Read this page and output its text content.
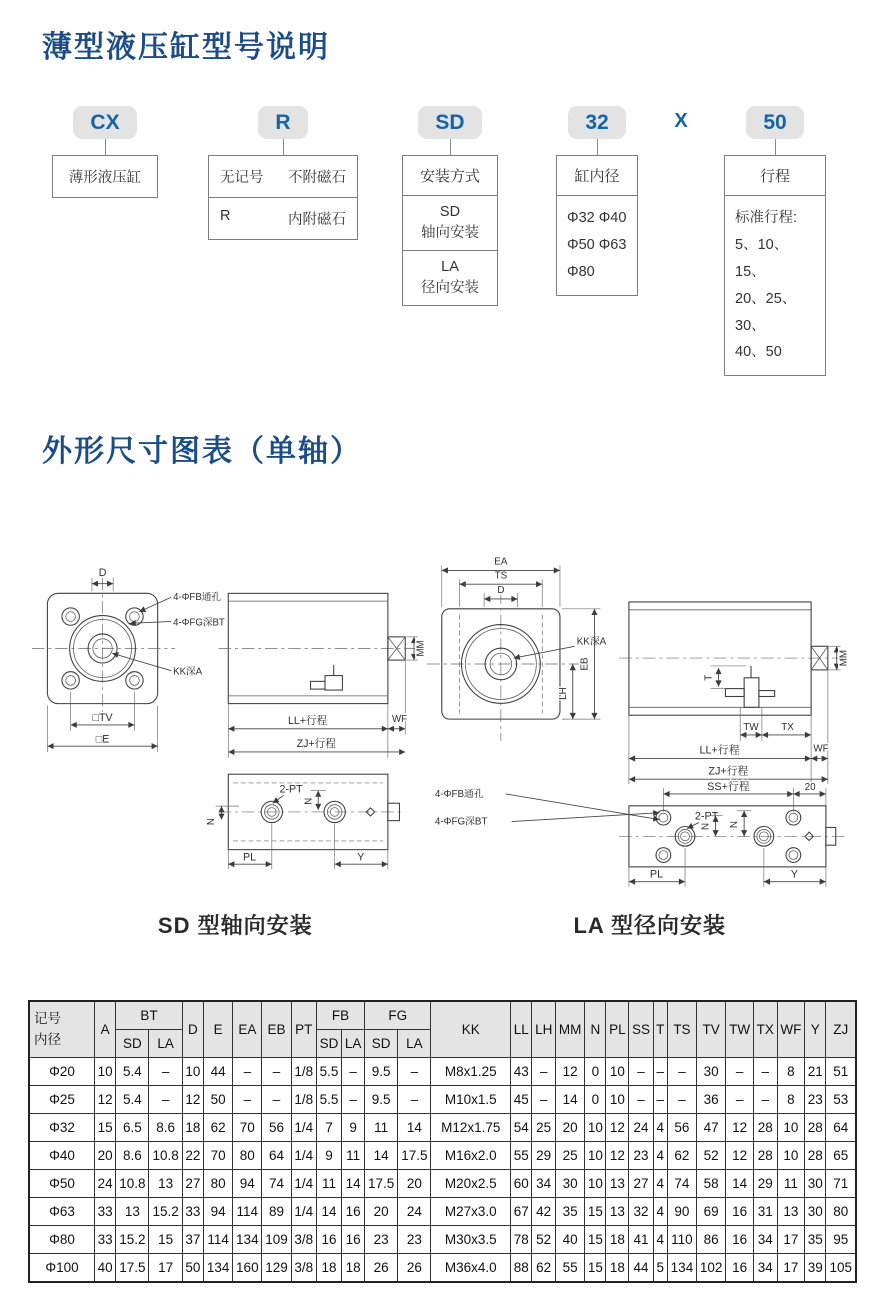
薄型液压缸型号说明
CX
薄形液压缸
R
无记号 不附磁石
R	内附磁石
SD
安装方式
SD
轴向安装
LA
径向安装
32
缸内径
Φ32 Φ40
Φ50 Φ63
Φ80
X	50
行程
标准行程:
5、10、15、
20、25、30、
40、50
外形尺寸图表（单轴）
D
4-ΦFB通孔
4-ΦFG深BT
KK深A
□TV
□E
MM
LL+行程	WF
ZJ+行程
2-PT
N
N
PL	Y
D
TS
EA
KK深A
EB
LH
MM
T
TW TX
LL+行程	WF
ZJ+行程
SS+行程	20
4-ΦFB通孔
4-ΦFG深BT	2-PT
N N
PL	Y
SD 型轴向安装	LA 型径向安装
记号
内径	A	BT		D	E	EA	EB	PT	FB		FG		KK	LL	LH	MM	N	PL	SS	T	TS	TV	TW	TX	WF	Y	ZJ
		SD	LA						SD	LA	SD	LA															
Φ20	10	5.4	–	10	44	–	–	1/8	5.5	–	9.5	–	M8x1.25	43	–	12	0	10	–	–	–	30	–	–	8	21	51
Φ25	12	5.4	–	12	50	–	–	1/8	5.5	–	9.5	–	M10x1.5	45	–	14	0	10	–	–	–	36	–	–	8	23	53
Φ32	15	6.5	8.6	18	62	70	56	1/4	7	9	11	14	M12x1.75	54	25	20	10	12	24	4	56	47	12	28	10	28	64
Φ40	20	8.6	10.8	22	70	80	64	1/4	9	11	14	17.5	M16x2.0	55	29	25	10	12	23	4	62	52	12	28	10	28	65
Φ50	24	10.8	13	27	80	94	74	1/4	11	14	17.5	20	M20x2.5	60	34	30	10	13	27	4	74	58	14	29	11	30	71
Φ63	33	13	15.2	33	94	114	89	1/4	14	16	20	24	M27x3.0	67	42	35	15	13	32	4	90	69	16	31	13	30	80
Φ80	33	15.2	15	37	114	134	109	3/8	16	16	23	23	M30x3.5	78	52	40	15	18	41	4	110	86	16	34	17	35	95
Φ100	40	17.5	17	50	134	160	129	3/8	18	18	26	26	M36x4.0	88	62	55	15	18	44	5	134	102	16	34	17	39	105
